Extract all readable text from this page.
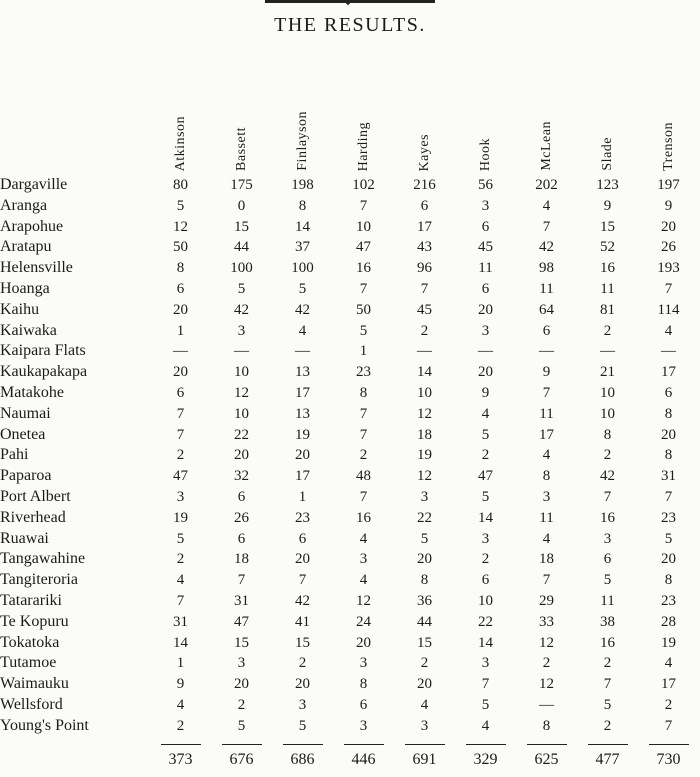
THE RESULTS.

	Atkinson	Bassett	Finlayson	Harding	Kayes	Hook	McLean	Slade	Trenson

Dargaville	80	175	198	102	216	56	202	123	197
Arangа	5	0	8	7	6	3	4	9	9
Arapohue	12	15	14	10	17	6	7	15	20
Aratapu	50	44	37	47	43	45	42	52	26
Helensville	8	100	100	16	96	11	98	16	193
Hoanga	6	5	5	7	7	6	11	11	7
Kaihu	20	42	42	50	45	20	64	81	114
Kaiwaka	1	3	4	5	2	3	6	2	4
Kaipara Flats	—	—	—	1	—	—	—	—	—
Kaukapakapa	20	10	13	23	14	20	9	21	17
Matakohe	6	12	17	8	10	9	7	10	6
Naumai	7	10	13	7	12	4	11	10	8
Onetea	7	22	19	7	18	5	17	8	20
Pahi	2	20	20	2	19	2	4	2	8
Paparoa	47	32	17	48	12	47	8	42	31
Port Albert	3	6	1	7	3	5	3	7	7
Riverhead	19	26	23	16	22	14	11	16	23
Ruawai	5	6	6	4	5	3	4	3	5
Tangawahine	2	18	20	3	20	2	18	6	20
Tangiteroria	4	7	7	4	8	6	7	5	8
Tatarariki	7	31	42	12	36	10	29	11	23
Te Kopuru	31	47	41	24	44	22	33	38	28
Tokatoka	14	15	15	20	15	14	12	16	19
Tutamoe	1	3	2	3	2	3	2	2	4
Waimauku	9	20	20	8	20	7	12	7	17
Wellsford	4	2	3	6	4	5	—	5	2
Young's Point	2	5	5	3	3	4	8	2	7
	373	676	686	446	691	329	625	477	730
